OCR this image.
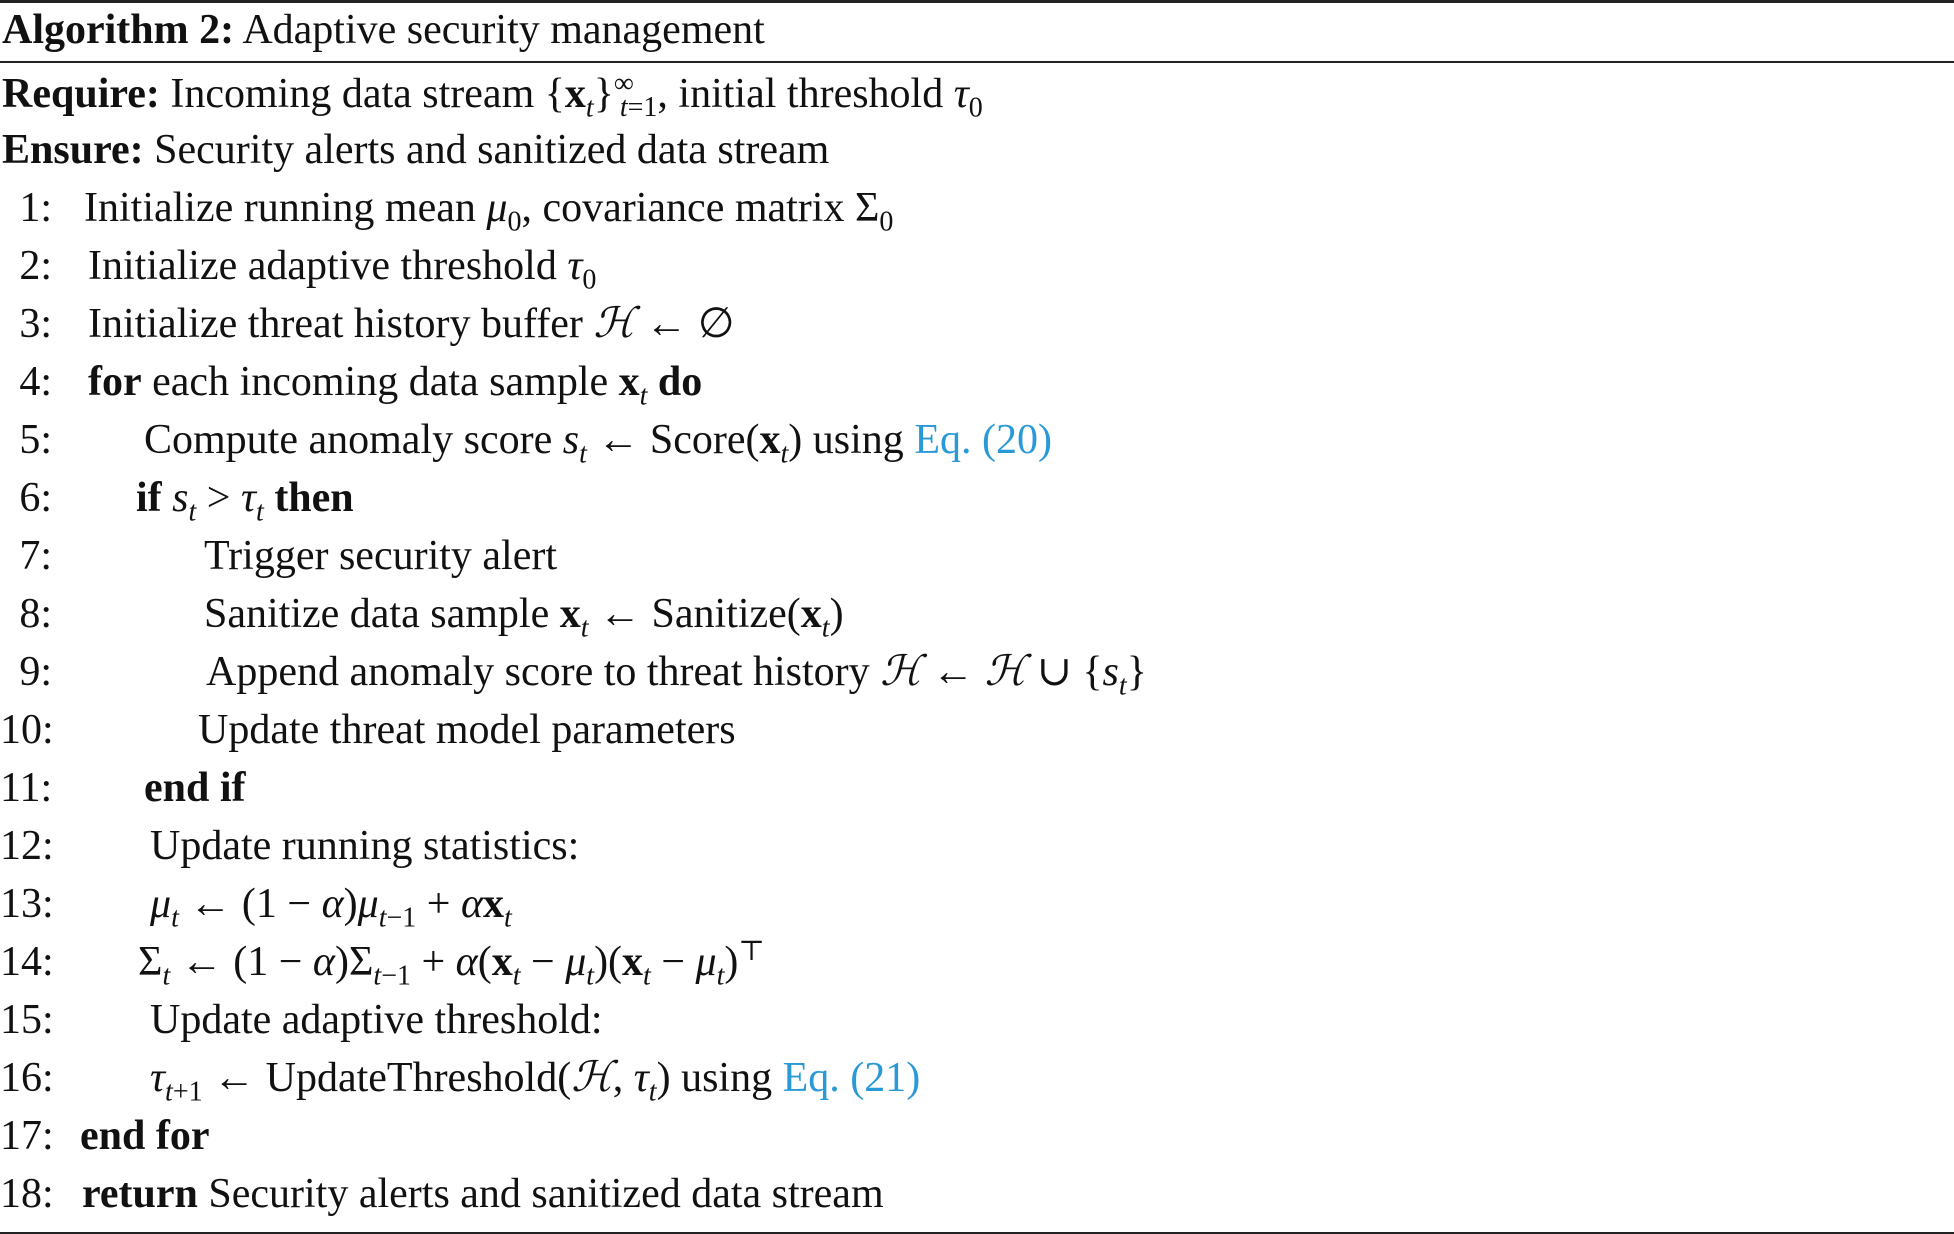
Algorithm 2: Adaptive security management
Require: Incoming data stream $\{x_t\}^\infty_{t=1}$, initial threshold $\tau_0$
Ensure: Security alerts and sanitized data stream
1: Initialize running mean $\mu_0$, covariance matrix $\Sigma_0$
2: Initialize adaptive threshold $\tau_0$
3: Initialize threat history buffer ℋ ← ∅
4: for each incoming data sample $x_t$ do
5: Compute anomaly score $s_t$ ← $Score(x_t)$ using Eq. (20)
6: if $s_t > \tau_t$ then
7:	Trigger security alert
8:	Sanitize data sample $x_t$ ← $Sanitize(x_t)$
9:	Append anomaly score to threat history ℋ ← ℋ ∪ $\{s_t\}$
10:	Update threat model parameters
11: end if
12: Update running statistics:
13: $\mu_t$ ← $(1 - \alpha)\mu_{t-1} + \alpha x_t$
14: $\Sigma_t$ ← $(1 - \alpha)\Sigma_{t-1} + \alpha(x_t - \mu_t)(x_t - \mu_t)^⊤$
15: Update adaptive threshold:
16: $\tau_{t+1}$ ← UpdateThreshold(ℋ, $\tau_t$) using Eq. (21)
17: end for
18: return Security alerts and sanitized data stream
